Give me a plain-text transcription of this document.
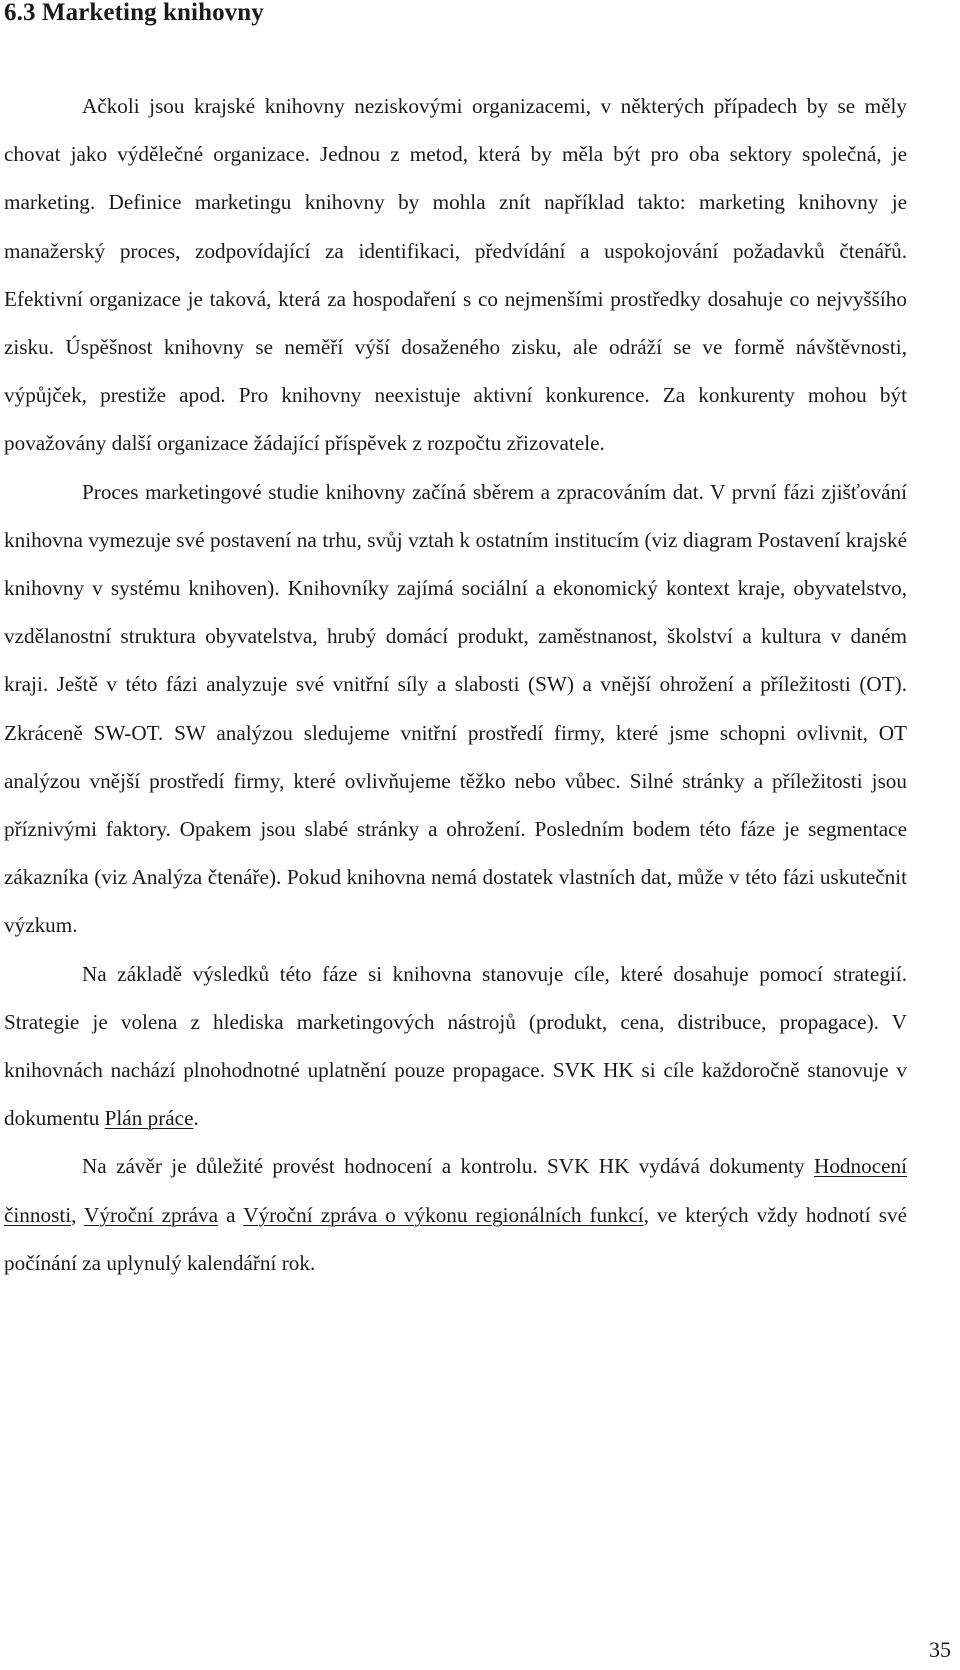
6.3 Marketing knihovny

Ačkoli jsou krajské knihovny neziskovými organizacemi, v některých případech by se měly chovat jako výdělečné organizace. Jednou z metod, která by měla být pro oba sektory společná, je marketing. Definice marketingu knihovny by mohla znít například takto: marketing knihovny je manažerský proces, zodpovídající za identifikaci, předvídání a uspokojování požadavků čtenářů. Efektivní organizace je taková, která za hospodaření s co nejmenšími prostředky dosahuje co nejvyššího zisku. Úspěšnost knihovny se neměří výší dosaženého zisku, ale odráží se ve formě návštěvnosti, výpůjček, prestiže apod. Pro knihovny neexistuje aktivní konkurence. Za konkurenty mohou být považovány další organizace žádající příspěvek z rozpočtu zřizovatele.

Proces marketingové studie knihovny začíná sběrem a zpracováním dat. V první fázi zjišťování knihovna vymezuje své postavení na trhu, svůj vztah k ostatním institucím (viz diagram Postavení krajské knihovny v systému knihoven). Knihovníky zajímá sociální a ekonomický kontext kraje, obyvatelstvo, vzdělanostní struktura obyvatelstva, hrubý domácí produkt, zaměstnanost, školství a kultura v daném kraji. Ještě v této fázi analyzuje své vnitřní síly a slabosti (SW) a vnější ohrožení a příležitosti (OT). Zkráceně SW-OT. SW analýzou sledujeme vnitřní prostředí firmy, které jsme schopni ovlivnit, OT analýzou vnější prostředí firmy, které ovlivňujeme těžko nebo vůbec. Silné stránky a příležitosti jsou příznivými faktory. Opakem jsou slabé stránky a ohrožení. Posledním bodem této fáze je segmentace zákazníka (viz Analýza čtenáře). Pokud knihovna nemá dostatek vlastních dat, může v této fázi uskutečnit výzkum.

Na základě výsledků této fáze si knihovna stanovuje cíle, které dosahuje pomocí strategií. Strategie je volena z hlediska marketingových nástrojů (produkt, cena, distribuce, propagace). V knihovnách nachází plnohodnotné uplatnění pouze propagace. SVK HK si cíle každoročně stanovuje v dokumentu Plán práce.

Na závěr je důležité provést hodnocení a kontrolu. SVK HK vydává dokumenty Hodnocení činnosti, Výroční zpráva a Výroční zpráva o výkonu regionálních funkcí, ve kterých vždy hodnotí své počínání za uplynulý kalendářní rok.

35
